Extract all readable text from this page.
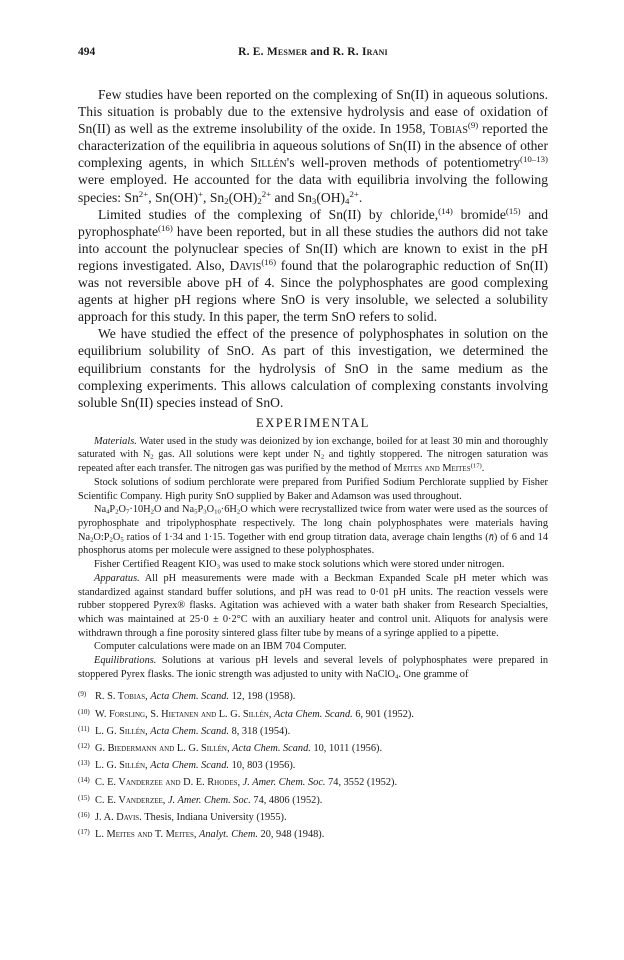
494	R. E. Mesmer and R. R. Irani

Few studies have been reported on the complexing of Sn(II) in aqueous solutions. This situation is probably due to the extensive hydrolysis and ease of oxidation of Sn(II) as well as the extreme insolubility of the oxide. In 1958, Tobias$^{(9)}$ reported the characterization of the equilibria in aqueous solutions of Sn(II) in the absence of other complexing agents, in which Sillén's well-proven methods of potentiometry$^{(10-13)}$ were employed. He accounted for the data with equilibria involving the following species: $Sn^{2+}$, Sn(OH)+, $Sn_2(OH)_2^{2+}$ and $Sn_3(OH)_4^{2+}$.

Limited studies of the complexing of Sn(II) by chloride,$^{(14)}$ bromide$^{(15)}$ and pyrophosphate$^{(16)}$ have been reported, but in all these studies the authors did not take into account the polynuclear species of Sn(II) which are known to exist in the pH regions investigated. Also, Davis$^{(16)}$ found that the polarographic reduction of Sn(II) was not reversible above pH of 4. Since the polyphosphates are good complexing agents at higher pH regions where SnO is very insoluble, we selected a solubility approach for this study. In this paper, the term SnO refers to solid.

We have studied the effect of the presence of polyphosphates in solution on the equilibrium solubility of SnO. As part of this investigation, we determined the equilibrium constants for the hydrolysis of SnO in the same medium as the complexing experiments. This allows calculation of complexing constants involving soluble Sn(II) species instead of SnO.

EXPERIMENTAL

Materials. Water used in the study was deionized by ion exchange, boiled for at least 30 min and thoroughly saturated with $N_2$ gas. All solutions were kept under $N_2$ and tightly stoppered. The nitrogen saturation was repeated after each transfer. The nitrogen gas was purified by the method of Meites and Meites$^{(17)}$.

Stock solutions of sodium perchlorate were prepared from Purified Sodium Perchlorate supplied by Fisher Scientific Company. High purity SnO supplied by Baker and Adamson was used throughout.

$Na_4P_2O_7\cdot 10H_2O$ and $Na_5P_3O_{10}\cdot 6H_2O$ which were recrystallized twice from water were used as the sources of pyrophosphate and tripolyphosphate respectively. The long chain polyphosphates were materials having $Na_2O:P_2O_5$ ratios of 1·34 and 1·15. Together with end group titration data, average chain lengths (n̄) of 6 and 14 phosphorus atoms per molecule were assigned to these polyphosphates.

Fisher Certified Reagent $KIO_3$ was used to make stock solutions which were stored under nitrogen.

Apparatus. All pH measurements were made with a Beckman Expanded Scale pH meter which was standardized against standard buffer solutions, and pH was read to 0·01 pH units. The reaction vessels were rubber stoppered Pyrex® flasks. Agitation was achieved with a water bath shaker from Research Specialties, which was maintained at 25·0 ± 0·2°C with an auxiliary heater and control unit. Aliquots for analysis were withdrawn through a fine porosity sintered glass filter tube by means of a syringe applied to a pipette.

Computer calculations were made on an IBM 704 Computer.

Equilibrations. Solutions at various pH levels and several levels of polyphosphates were prepared in stoppered Pyrex flasks. The ionic strength was adjusted to unity with NaClO$_4$. One gramme of

(9) R. S. Tobias, Acta Chem. Scand. 12, 198 (1958).
(10) W. Forsling, S. Hietanen and L. G. Sillén, Acta Chem. Scand. 6, 901 (1952).
(11) L. G. Sillén, Acta Chem. Scand. 8, 318 (1954).
(12) G. Biedermann and L. G. Sillén, Acta Chem. Scand. 10, 1011 (1956).
(13) L. G. Sillén, Acta Chem. Scand. 10, 803 (1956).
(14) C. E. Vanderzee and D. E. Rhodes, J. Amer. Chem. Soc. 74, 3552 (1952).
(15) C. E. Vanderzee, J. Amer. Chem. Soc. 74, 4806 (1952).
(16) J. A. Davis. Thesis, Indiana University (1955).
(17) L. Meites and T. Meites, Analyt. Chem. 20, 948 (1948).
